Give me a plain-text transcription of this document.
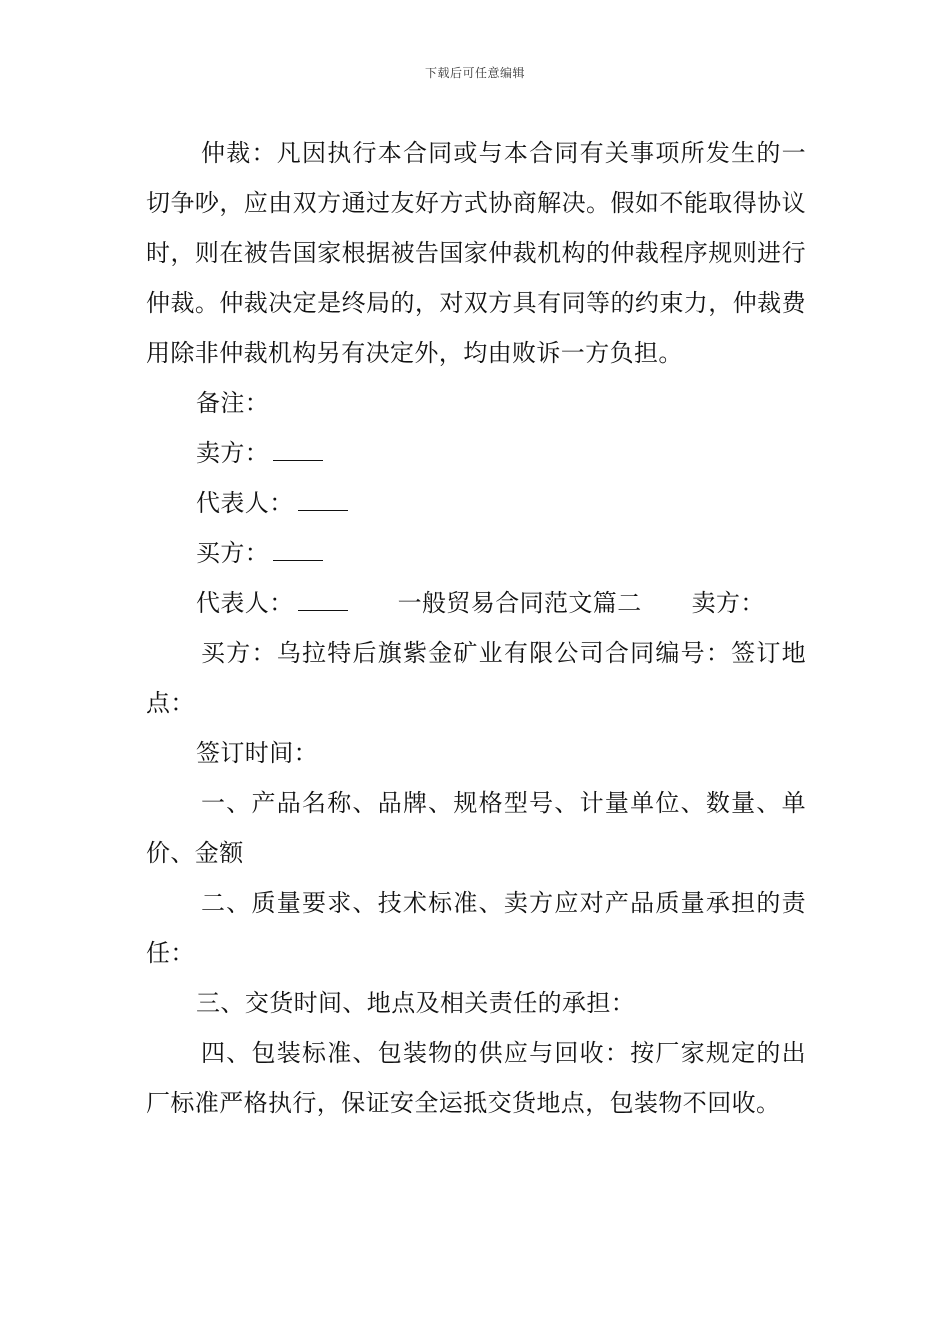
下载后可任意编辑

仲裁：凡因执行本合同或与本合同有关事项所发生的一切争吵，应由双方通过友好方式协商解决。假如不能取得协议时，则在被告国家根据被告国家仲裁机构的仲裁程序规则进行仲裁。仲裁决定是终局的，对双方具有同等的约束力，仲裁费用除非仲裁机构另有决定外，均由败诉一方负担。

备注：

卖方：

代表人：

买方：

代表人：	一般贸易合同范文篇二 卖方：

买方：乌拉特后旗紫金矿业有限公司合同编号：签订地点：

签订时间：

一、产品名称、品牌、规格型号、计量单位、数量、单价、金额

二、质量要求、技术标准、卖方应对产品质量承担的责任：

三、交货时间、地点及相关责任的承担：

四、包装标准、包装物的供应与回收：按厂家规定的出厂标准严格执行，保证安全运抵交货地点，包装物不回收。
